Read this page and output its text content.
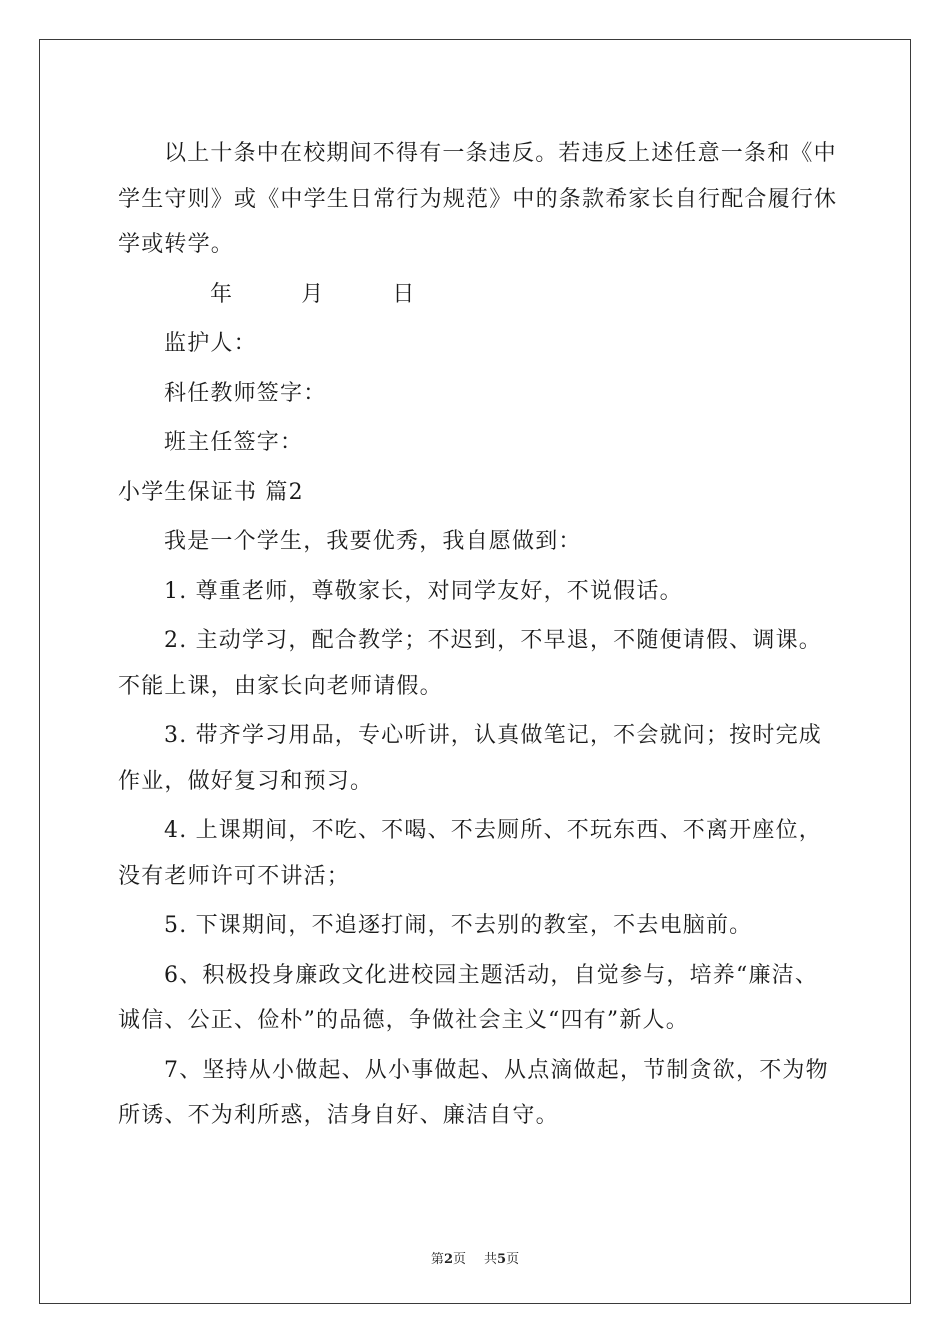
以上十条中在校期间不得有一条违反。若违反上述任意一条和《中学生守则》或《中学生日常行为规范》中的条款希家长自行配合履行休学或转学。

年	月	日

监护人：

科任教师签字：

班主任签字：

小学生保证书 篇2

我是一个学生，我要优秀，我自愿做到：

1. 尊重老师，尊敬家长，对同学友好，不说假话。

2. 主动学习，配合教学；不迟到，不早退，不随便请假、调课。不能上课，由家长向老师请假。

3. 带齐学习用品，专心听讲，认真做笔记，不会就问；按时完成作业，做好复习和预习。

4. 上课期间，不吃、不喝、不去厕所、不玩东西、不离开座位，没有老师许可不讲活；

5. 下课期间，不追逐打闹，不去别的教室，不去电脑前。

6、积极投身廉政文化进校园主题活动，自觉参与，培养“廉洁、诚信、公正、俭朴”的品德，争做社会主义“四有”新人。

7、坚持从小做起、从小事做起、从点滴做起，节制贪欲，不为物所诱、不为利所惑，洁身自好、廉洁自守。

第2页 共5页
